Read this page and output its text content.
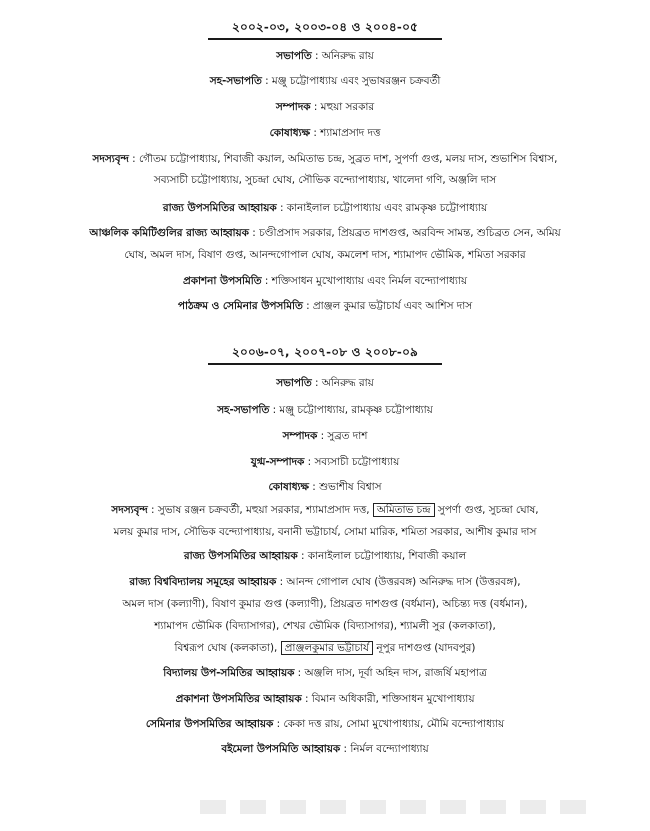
২০০২-০৩, ২০০৩-০৪ ও ২০০৪-০৫
সভাপতি : অনিরুদ্ধ রায়
সহ-সভাপতি : মঞ্জু চট্টোপাধ্যায় এবং সুভাষরঞ্জন চক্রবর্তী
সম্পাদক : মহুয়া সরকার
কোষাধ্যক্ষ : শ্যামাপ্রসাদ দত্ত
সদস্যবৃন্দ : গৌতম চট্টোপাধ্যায়, শিবাজী কয়াল, অমিতাভ চন্দ্র, সুব্রত দাশ, সুপর্ণা গুপ্ত, মলয় দাস, শুভাশিস বিশ্বাস,
সব্যসাচী চট্টোপাধ্যায়, সুচন্দ্রা ঘোষ, সৌভিক বন্দ্যোপাধ্যায়, খালেদা গণি, অঞ্জলি দাস
রাজ্য উপসমিতির আহ্বায়ক : কানাইলাল চট্টোপাধ্যায় এবং রামকৃষ্ণ চট্টোপাধ্যায়
আঞ্চলিক কমিটিগুলির রাজ্য আহ্বায়ক : চণ্ডীপ্রসাদ সরকার, প্রিয়ব্রত দাশগুপ্ত, অরবিন্দ সামন্ত, শুচিব্রত সেন, অমিয়
ঘোষ, অমল দাস, বিষাণ গুপ্ত, আনন্দগোপাল ঘোষ, কমলেশ দাস, শ্যামাপদ ভৌমিক, শমিতা সরকার
প্রকাশনা উপসমিতি : শক্তিসাধন মুখোপাধ্যায় এবং নির্মল বন্দ্যোপাধ্যায়
পাঠক্রম ও সেমিনার উপসমিতি : প্রাঞ্জল কুমার ভট্টাচার্য এবং আশিস দাস
২০০৬-০৭, ২০০৭-০৮ ও ২০০৮-০৯
সভাপতি : অনিরুদ্ধ রায়
সহ-সভাপতি : মঞ্জু চট্টোপাধ্যায়, রামকৃষ্ণ চট্টোপাধ্যায়
সম্পাদক : সুব্রত দাশ
যুগ্ম-সম্পাদক : সব্যসাচী চট্টোপাধ্যায়
কোষাধ্যক্ষ : শুভাশীষ বিশ্বাস
সদস্যবৃন্দ : সুভাষ রঞ্জন চক্রবর্তী, মহুয়া সরকার, শ্যামাপ্রসাদ দত্ত, অমিতাভ চন্দ্র সুপর্ণা গুপ্ত, সুচন্দ্রা ঘোষ,
মলয় কুমার দাস, সৌভিক বন্দ্যোপাধ্যায়, বনানী ভট্টাচার্য, সোমা মারিক, শমিতা সরকার, আশীষ কুমার দাস
রাজ্য উপসমিতির আহ্বায়ক : কানাইলাল চট্টোপাধ্যায়, শিবাজী কয়াল
রাজ্য বিশ্ববিদ্যালয় সমূহের আহ্বায়ক : আনন্দ গোপাল ঘোষ (উত্তরবঙ্গ) অনিরুদ্ধ দাস (উত্তরবঙ্গ),
অমল দাস (কল্যাণী), বিষাণ কুমার গুপ্ত (কল্যাণী), প্রিয়ব্রত দাশগুপ্ত (বর্ধমান), অচিন্ত্য দত্ত (বর্ধমান),
শ্যামাপদ ভৌমিক (বিদ্যাসাগর), শেখর ভৌমিক (বিদ্যাসাগর), শ্যামলী সুর (কলকাতা),
বিশ্বরূপ ঘোষ (কলকাতা), প্রাঞ্জলকুমার ভট্টাচার্য নূপুর দাশগুপ্ত (যাদবপুর)
বিদ্যালয় উপ-সমিতির আহ্বায়ক : অঞ্জলি দাস, দূর্বা অহিন দাস, রাজর্ষি মহাপাত্র
প্রকাশনা উপসমিতির আহ্বায়ক : বিমান অধিকারী, শক্তিসাধন মুখোপাধ্যায়
সেমিনার উপসমিতির আহ্বায়ক : কেকা দত্ত রায়, সোমা মুখোপাধ্যায়, মৌমি বন্দ্যোপাধ্যায়
বইমেলা উপসমিতি আহ্বায়ক : নির্মল বন্দ্যোপাধ্যায়
